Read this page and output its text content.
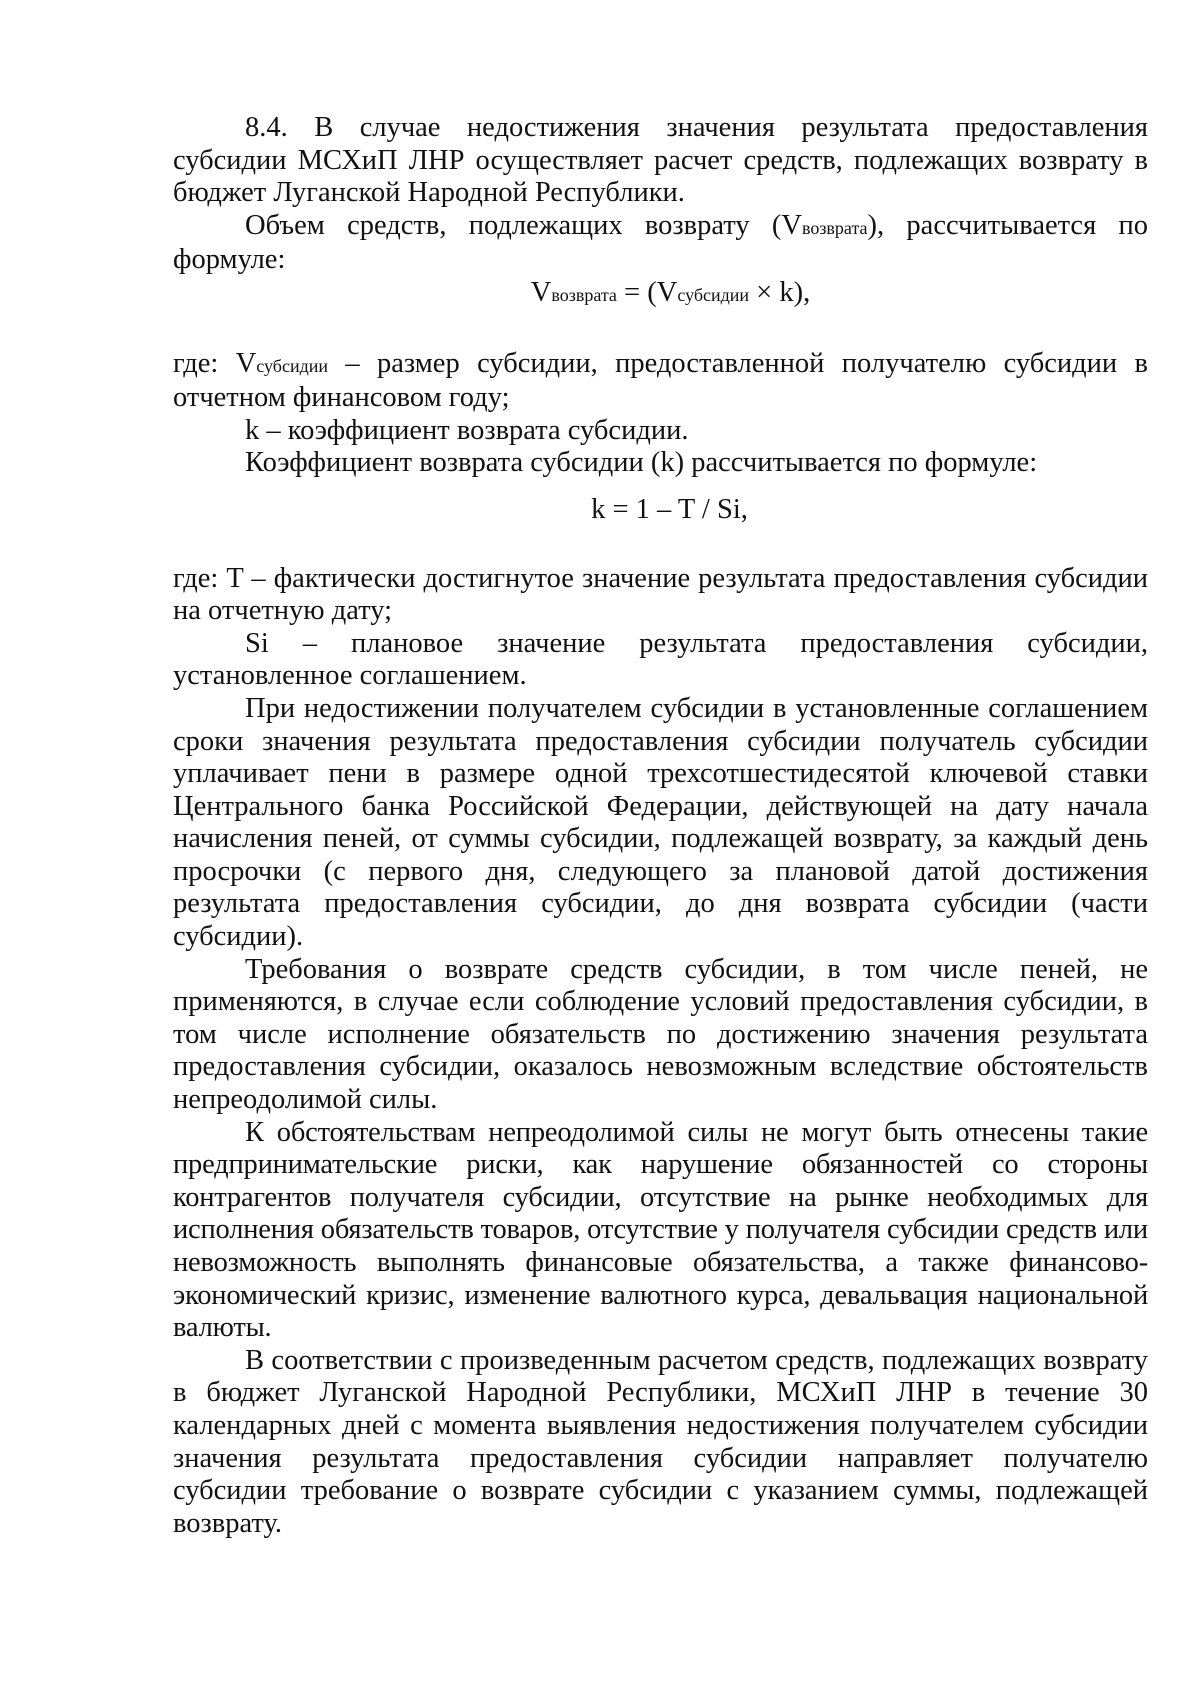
8.4. В случае недостижения значения результата предоставления субсидии МСХиП ЛНР осуществляет расчет средств, подлежащих возврату в бюджет Луганской Народной Республики.

Объем средств, подлежащих возврату (Vвозврата), рассчитывается по формуле:

Vвозврата = (Vсубсидии × k),

где: Vсубсидии – размер субсидии, предоставленной получателю субсидии в отчетном финансовом году;

k – коэффициент возврата субсидии.

Коэффициент возврата субсидии (k) рассчитывается по формуле:

k = 1 – T / Si,

где: T – фактически достигнутое значение результата предоставления субсидии на отчетную дату;

Si – плановое значение результата предоставления субсидии, установленное соглашением.

При недостижении получателем субсидии в установленные соглашением сроки значения результата предоставления субсидии получатель субсидии уплачивает пени в размере одной трехсотшестидесятой ключевой ставки Центрального банка Российской Федерации, действующей на дату начала начисления пеней, от суммы субсидии, подлежащей возврату, за каждый день просрочки (с первого дня, следующего за плановой датой достижения результата предоставления субсидии, до дня возврата субсидии (части субсидии).

Требования о возврате средств субсидии, в том числе пеней, не применяются, в случае если соблюдение условий предоставления субсидии, в том числе исполнение обязательств по достижению значения результата предоставления субсидии, оказалось невозможным вследствие обстоятельств непреодолимой силы.

К обстоятельствам непреодолимой силы не могут быть отнесены такие предпринимательские риски, как нарушение обязанностей со стороны контрагентов получателя субсидии, отсутствие на рынке необходимых для исполнения обязательств товаров, отсутствие у получателя субсидии средств или невозможность выполнять финансовые обязательства, а также финансово-экономический кризис, изменение валютного курса, девальвация национальной валюты.

В соответствии с произведенным расчетом средств, подлежащих возврату в бюджет Луганской Народной Республики, МСХиП ЛНР в течение 30 календарных дней с момента выявления недостижения получателем субсидии значения результата предоставления субсидии направляет получателю субсидии требование о возврате субсидии с указанием суммы, подлежащей возврату.
